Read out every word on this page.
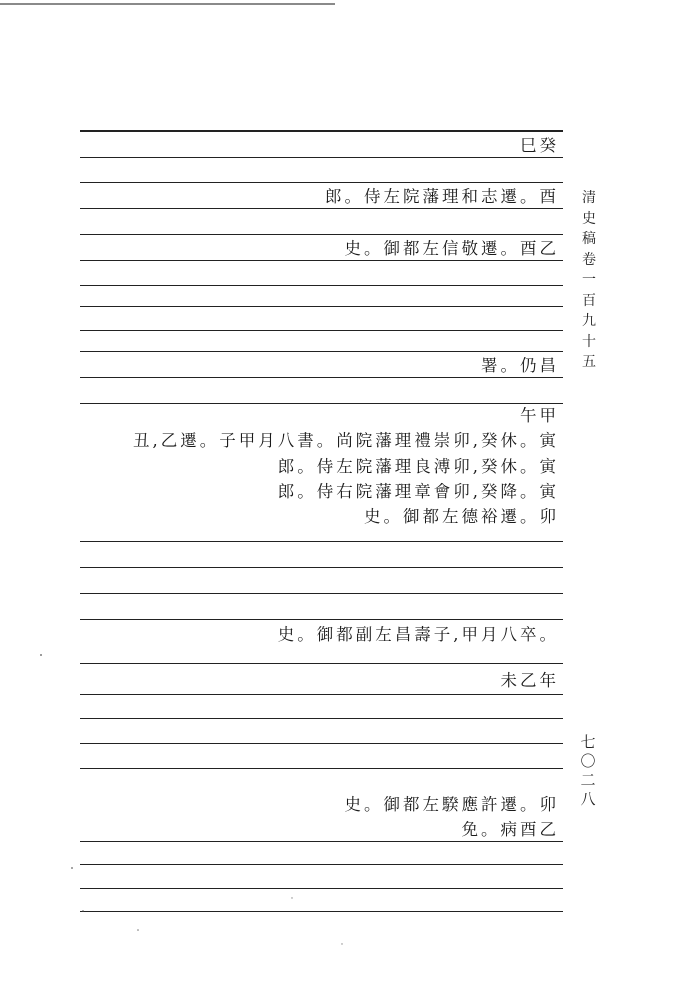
巳癸
郎。侍左院藩理和志遷。酉
史。御都左信敬遷。酉乙
署。仍昌
午甲
丑,乙遷。子甲月八書。尚院藩理禮崇卯,癸休。寅
郎。侍左院藩理良溥卯,癸休。寅
郎。侍右院藩理章會卯,癸降。寅
史。御都左德裕遷。卯
史。御都副左昌壽子,甲月八卒。
未乙年
史。御都左騤應許遷。卯
免。病酉乙
清
史
稿
卷
一
百
九
十
五
七
〇
二
八
